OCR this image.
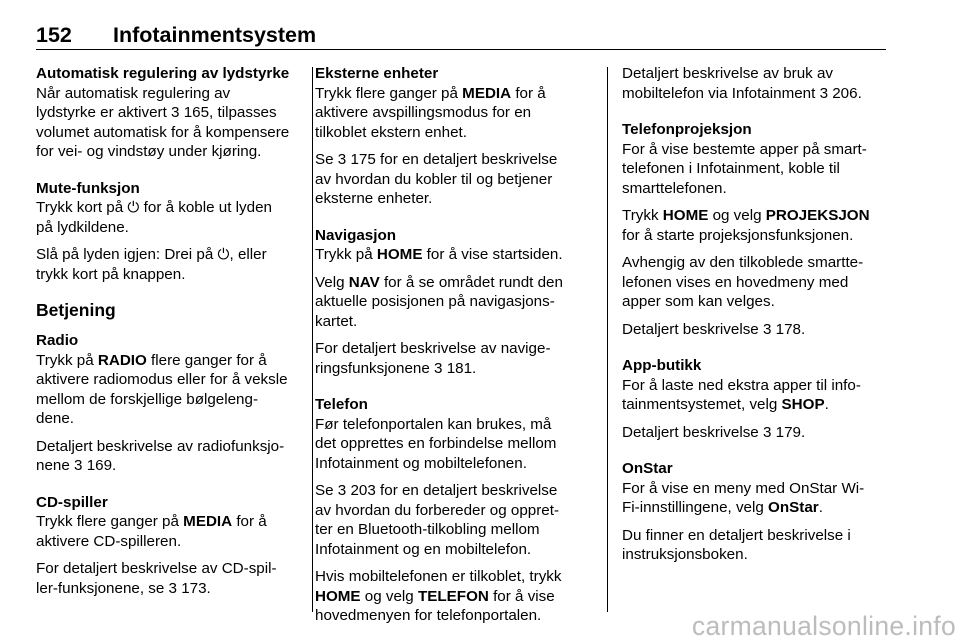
152 Infotainmentsystem
Automatisk regulering av lydstyrke
Når automatisk regulering av
lydstyrke er aktivert 3 165, tilpasses
volumet automatisk for å kompensere
for vei- og vindstøy under kjøring.
Mute-funksjon
Trykk kort på ⏻ for å koble ut lyden
på lydkildene.
Slå på lyden igjen: Drei på ⏻, eller
trykk kort på knappen.
Betjening
Radio
Trykk på RADIO flere ganger for å
aktivere radiomodus eller for å veksle
mellom de forskjellige bølgeleng-
dene.
Detaljert beskrivelse av radiofunksjo-
nene 3 169.
CD-spiller
Trykk flere ganger på MEDIA for å
aktivere CD-spilleren.
For detaljert beskrivelse av CD-spil-
ler-funksjonene, se 3 173.
Eksterne enheter
Trykk flere ganger på MEDIA for å
aktivere avspillingsmodus for en
tilkoblet ekstern enhet.
Se 3 175 for en detaljert beskrivelse
av hvordan du kobler til og betjener
eksterne enheter.
Navigasjon
Trykk på HOME for å vise startsiden.
Velg NAV for å se området rundt den
aktuelle posisjonen på navigasjons-
kartet.
For detaljert beskrivelse av navige-
ringsfunksjonene 3 181.
Telefon
Før telefonportalen kan brukes, må
det opprettes en forbindelse mellom
Infotainment og mobiltelefonen.
Se 3 203 for en detaljert beskrivelse
av hvordan du forbereder og oppret-
ter en Bluetooth-tilkobling mellom
Infotainment og en mobiltelefon.
Hvis mobiltelefonen er tilkoblet, trykk
HOME og velg TELEFON for å vise
hovedmenyen for telefonportalen.
Detaljert beskrivelse av bruk av
mobiltelefon via Infotainment 3 206.
Telefonprojeksjon
For å vise bestemte apper på smart-
telefonen i Infotainment, koble til
smarttelefonen.
Trykk HOME og velg PROJEKSJON
for å starte projeksjonsfunksjonen.
Avhengig av den tilkoblede smartte-
lefonen vises en hovedmeny med
apper som kan velges.
Detaljert beskrivelse 3 178.
App-butikk
For å laste ned ekstra apper til info-
tainmentsystemet, velg SHOP.
Detaljert beskrivelse 3 179.
OnStar
For å vise en meny med OnStar Wi-
Fi-innstillingene, velg OnStar.
Du finner en detaljert beskrivelse i
instruksjonsboken.
carmanualsonline.info
